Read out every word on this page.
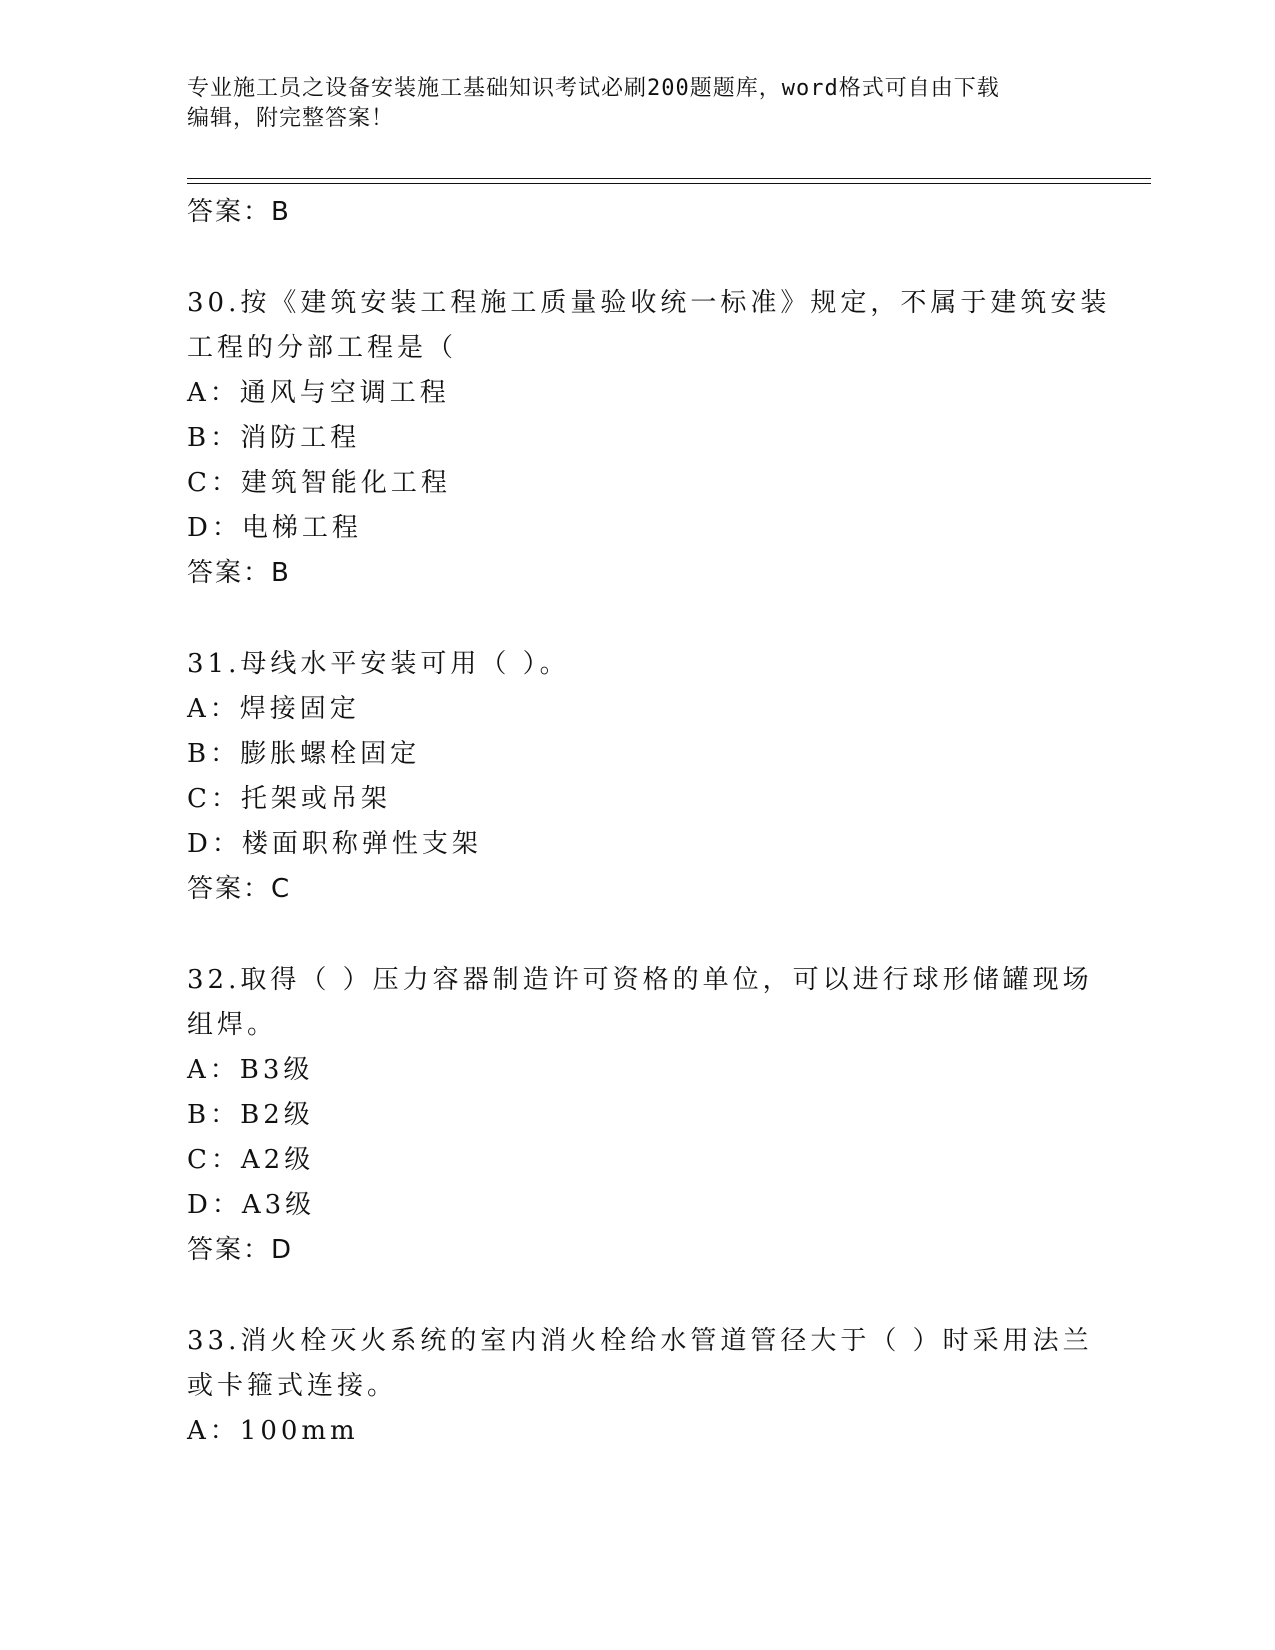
专业施工员之设备安装施工基础知识考试必刷200题题库，word格式可自由下载
编辑，附完整答案！
答案：B
30.按《建筑安装工程施工质量验收统一标准》规定，不属于建筑安装
工程的分部工程是（
A：通风与空调工程
B：消防工程
C：建筑智能化工程
D：电梯工程
答案：B
31.母线水平安装可用（ ）。
A：焊接固定
B：膨胀螺栓固定
C：托架或吊架
D：楼面职称弹性支架
答案：C
32.取得（ ）压力容器制造许可资格的单位，可以进行球形储罐现场
组焊。
A：B3级
B：B2级
C：A2级
D：A3级
答案：D
33.消火栓灭火系统的室内消火栓给水管道管径大于（ ）时采用法兰
或卡箍式连接。
A：100mm
